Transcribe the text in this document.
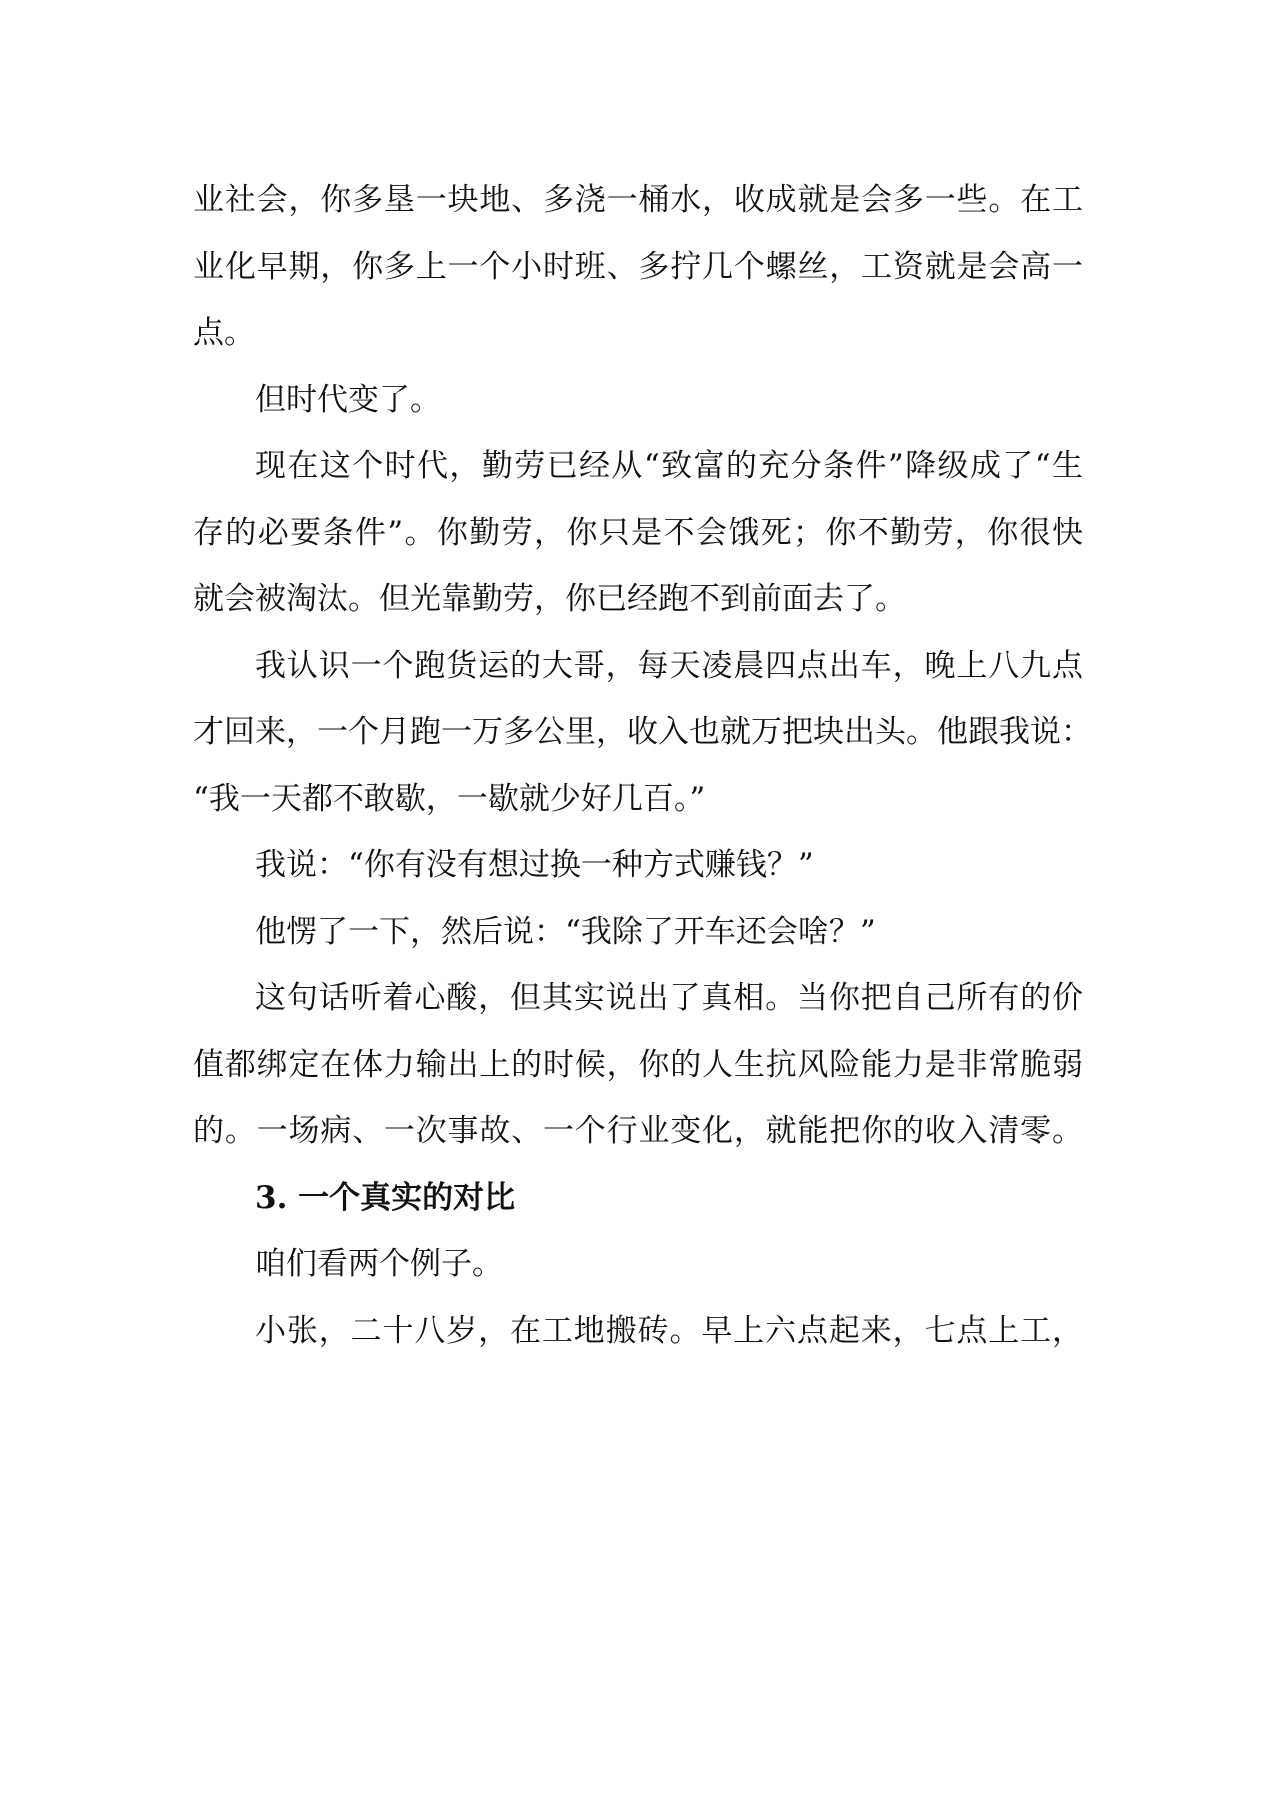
业社会，你多垦一块地、多浇一桶水，收成就是会多一些。在工
业化早期，你多上一个小时班、多拧几个螺丝，工资就是会高一
点。
但时代变了。
现在这个时代，勤劳已经从“致富的充分条件”降级成了“生
存的必要条件”。你勤劳，你只是不会饿死；你不勤劳，你很快
就会被淘汰。但光靠勤劳，你已经跑不到前面去了。
我认识一个跑货运的大哥，每天凌晨四点出车，晚上八九点
才回来，一个月跑一万多公里，收入也就万把块出头。他跟我说：
“我一天都不敢歇，一歇就少好几百。”
我说：“你有没有想过换一种方式赚钱？”
他愣了一下，然后说：“我除了开车还会啥？”
这句话听着心酸，但其实说出了真相。当你把自己所有的价
值都绑定在体力输出上的时候，你的人生抗风险能力是非常脆弱
的。一场病、一次事故、一个行业变化，就能把你的收入清零。
3. 一个真实的对比
咱们看两个例子。
小张，二十八岁，在工地搬砖。早上六点起来，七点上工，
